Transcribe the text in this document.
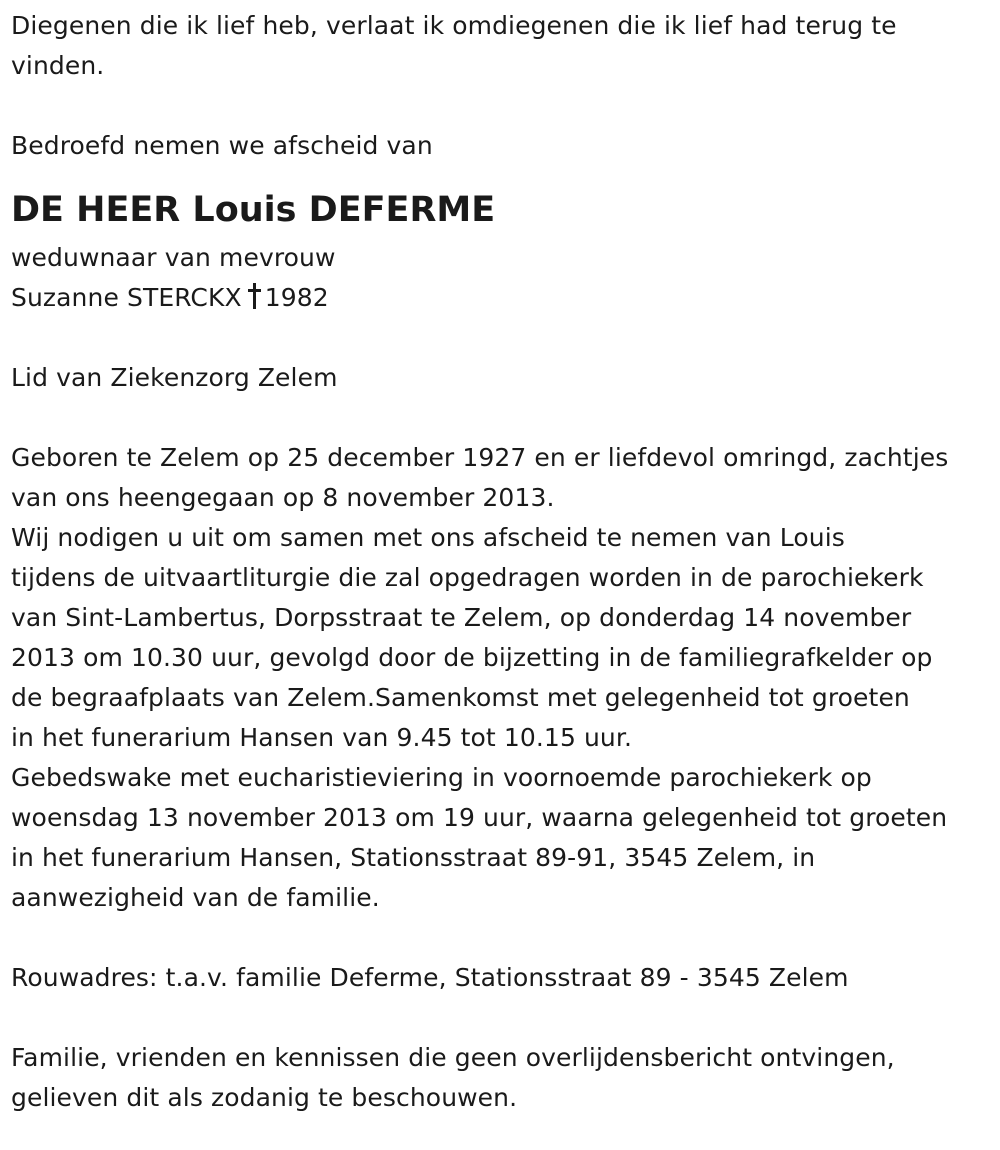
Diegenen die ik lief heb, verlaat ik omdiegenen die ik lief had terug te

vinden.

Bedroefd nemen we afscheid van

DE HEER Louis DEFERME

weduwnaar van mevrouw

Suzanne STERCKX 1982

Lid van Ziekenzorg Zelem

Geboren te Zelem op 25 december 1927 en er liefdevol omringd, zachtjes

van ons heengegaan op 8 november 2013.

Wij nodigen u uit om samen met ons afscheid te nemen van Louis

tijdens de uitvaartliturgie die zal opgedragen worden in de parochiekerk

van Sint-Lambertus, Dorpsstraat te Zelem, op donderdag 14 november

2013 om 10.30 uur, gevolgd door de bijzetting in de familiegrafkelder op

de begraafplaats van Zelem.Samenkomst met gelegenheid tot groeten

in het funerarium Hansen van 9.45 tot 10.15 uur.

Gebedswake met eucharistieviering in voornoemde parochiekerk op

woensdag 13 november 2013 om 19 uur, waarna gelegenheid tot groeten

in het funerarium Hansen, Stationsstraat 89-91, 3545 Zelem, in

aanwezigheid van de familie.

Rouwadres: t.a.v. familie Deferme, Stationsstraat 89 - 3545 Zelem

Familie, vrienden en kennissen die geen overlijdensbericht ontvingen,

gelieven dit als zodanig te beschouwen.
